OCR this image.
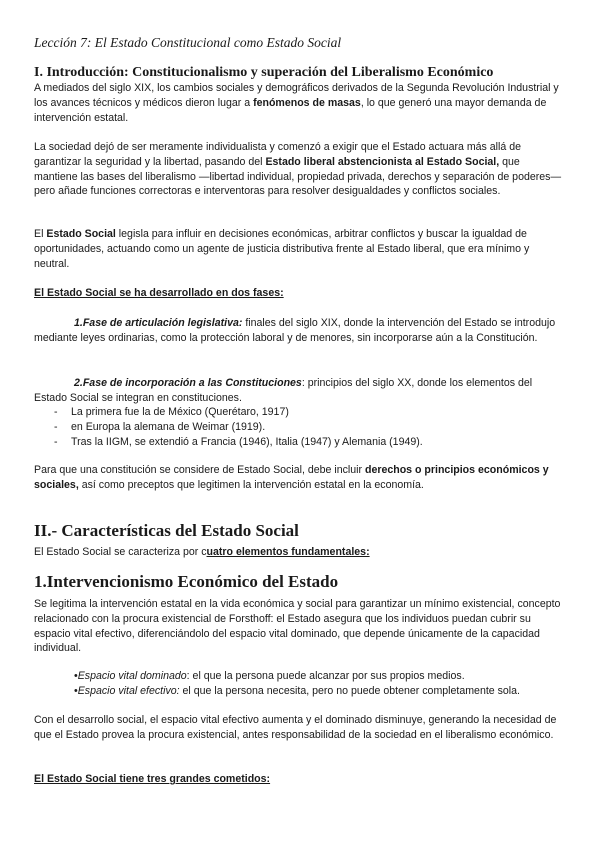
Lección 7: El Estado Constitucional como Estado Social
I. Introducción: Constitucionalismo y superación del Liberalismo Económico

A mediados del siglo XIX, los cambios sociales y demográficos derivados de la Segunda Revolución Industrial y los avances técnicos y médicos dieron lugar a fenómenos de masas, lo que generó una mayor demanda de intervención estatal.

La sociedad dejó de ser meramente individualista y comenzó a exigir que el Estado actuara más allá de garantizar la seguridad y la libertad, pasando del Estado liberal abstencionista al Estado Social, que mantiene las bases del liberalismo —libertad individual, propiedad privada, derechos y separación de poderes— pero añade funciones correctoras e interventoras para resolver desigualdades y conflictos sociales.

El Estado Social legisla para influir en decisiones económicas, arbitrar conflictos y buscar la igualdad de oportunidades, actuando como un agente de justicia distributiva frente al Estado liberal, que era mínimo y neutral.

El Estado Social se ha desarrollado en dos fases:

1.Fase de articulación legislativa: finales del siglo XIX, donde la intervención del Estado se introdujo mediante leyes ordinarias, como la protección laboral y de menores, sin incorporarse aún a la Constitución.

2.Fase de incorporación a las Constituciones: principios del siglo XX, donde los elementos del Estado Social se integran en constituciones.

- La primera fue la de México (Querétaro, 1917)
- en Europa la alemana de Weimar (1919).
- Tras la IIGM, se extendió a Francia (1946), Italia (1947) y Alemania (1949).

Para que una constitución se considere de Estado Social, debe incluir derechos o principios económicos y sociales, así como preceptos que legitimen la intervención estatal en la economía.

II.- Características del Estado Social

El Estado Social se caracteriza por cuatro elementos fundamentales:

1.Intervencionismo Económico del Estado

Se legitima la intervención estatal en la vida económica y social para garantizar un mínimo existencial, concepto relacionado con la procura existencial de Forsthoff: el Estado asegura que los individuos puedan cubrir su espacio vital efectivo, diferenciándolo del espacio vital dominado, que depende únicamente de la capacidad individual.

•Espacio vital dominado: el que la persona puede alcanzar por sus propios medios.
•Espacio vital efectivo: el que la persona necesita, pero no puede obtener completamente sola.

Con el desarrollo social, el espacio vital efectivo aumenta y el dominado disminuye, generando la necesidad de que el Estado provea la procura existencial, antes responsabilidad de la sociedad en el liberalismo económico.

El Estado Social tiene tres grandes cometidos:
